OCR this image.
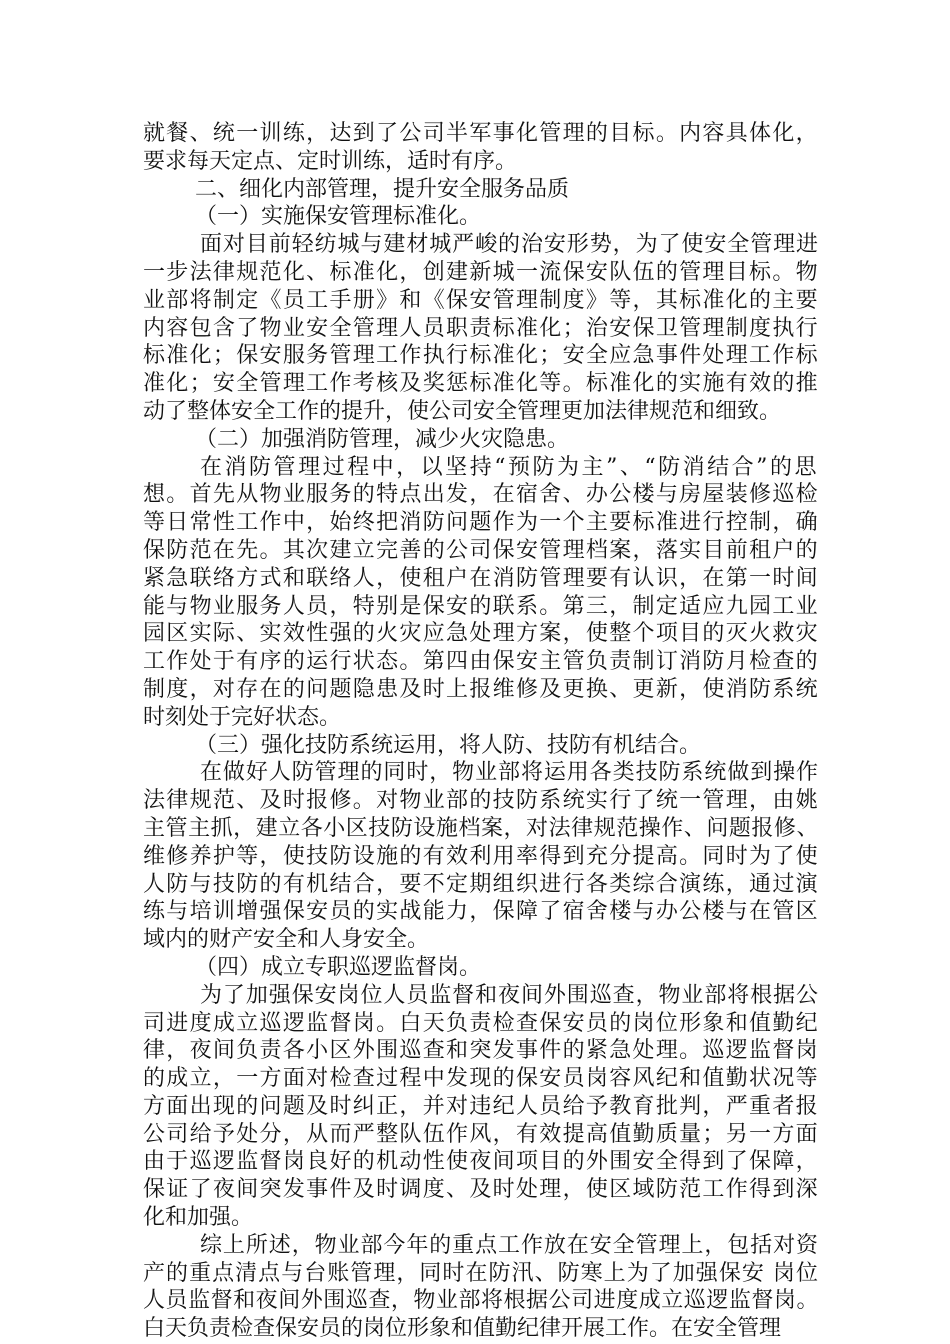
就餐、统一训练，达到了公司半军事化管理的目标。内容具体化，
要求每天定点、定时训练，适时有序。
二、细化内部管理，提升安全服务品质
（一）实施保安管理标准化。
面对目前轻纺城与建材城严峻的治安形势，为了使安全管理进
一步法律规范化、标准化，创建新城一流保安队伍的管理目标。物
业部将制定《员工手册》和《保安管理制度》等，其标准化的主要
内容包含了物业安全管理人员职责标准化；治安保卫管理制度执行
标准化；保安服务管理工作执行标准化；安全应急事件处理工作标
准化；安全管理工作考核及奖惩标准化等。标准化的实施有效的推
动了整体安全工作的提升，使公司安全管理更加法律规范和细致。
（二）加强消防管理，减少火灾隐患。
在消防管理过程中，以坚持“预防为主”、“防消结合”的思
想。首先从物业服务的特点出发，在宿舍、办公楼与房屋装修巡检
等日常性工作中，始终把消防问题作为一个主要标准进行控制，确
保防范在先。其次建立完善的公司保安管理档案，落实目前租户的
紧急联络方式和联络人，使租户在消防管理要有认识，在第一时间
能与物业服务人员，特别是保安的联系。第三，制定适应九园工业
园区实际、实效性强的火灾应急处理方案，使整个项目的灭火救灾
工作处于有序的运行状态。第四由保安主管负责制订消防月检查的
制度，对存在的问题隐患及时上报维修及更换、更新，使消防系统
时刻处于完好状态。
（三）强化技防系统运用，将人防、技防有机结合。
在做好人防管理的同时，物业部将运用各类技防系统做到操作
法律规范、及时报修。对物业部的技防系统实行了统一管理，由姚
主管主抓，建立各小区技防设施档案，对法律规范操作、问题报修、
维修养护等，使技防设施的有效利用率得到充分提高。同时为了使
人防与技防的有机结合，要不定期组织进行各类综合演练，通过演
练与培训增强保安员的实战能力，保障了宿舍楼与办公楼与在管区
域内的财产安全和人身安全。
（四）成立专职巡逻监督岗。
为了加强保安岗位人员监督和夜间外围巡查，物业部将根据公
司进度成立巡逻监督岗。白天负责检查保安员的岗位形象和值勤纪
律，夜间负责各小区外围巡查和突发事件的紧急处理。巡逻监督岗
的成立，一方面对检查过程中发现的保安员岗容风纪和值勤状况等
方面出现的问题及时纠正，并对违纪人员给予教育批判，严重者报
公司给予处分，从而严整队伍作风，有效提高值勤质量；另一方面
由于巡逻监督岗良好的机动性使夜间项目的外围安全得到了保障，
保证了夜间突发事件及时调度、及时处理，使区域防范工作得到深
化和加强。
综上所述，物业部今年的重点工作放在安全管理上，包括对资
产的重点清点与台账管理，同时在防汛、防寒上为了加强保安 岗位
人员监督和夜间外围巡查，物业部将根据公司进度成立巡逻监督岗。
白天负责检查保安员的岗位形象和值勤纪律开展工作。在安全管理
